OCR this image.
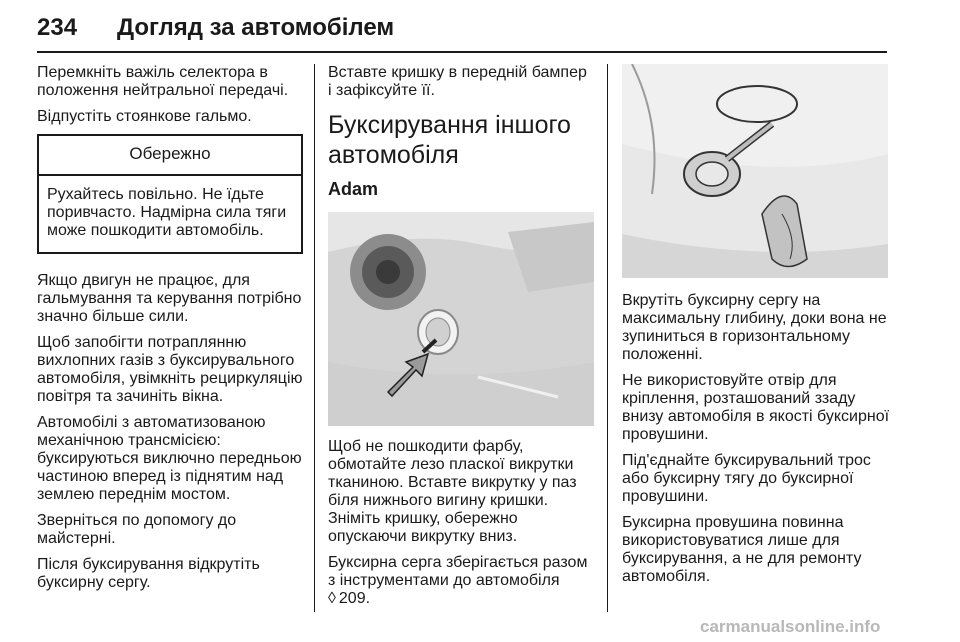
234 Догляд за автомобілем

Перемкніть важіль селектора в положення нейтральної передачі.

Відпустіть стоянкове гальмо.

Обережно
Рухайтесь повільно. Не їдьте поривчасто. Надмірна сила тяги може пошкодити автомобіль.

Якщо двигун не працює, для гальмування та керування потрібно значно більше сили.

Щоб запобігти потраплянню вихлопних газів з буксирувального автомобіля, увімкніть рециркуляцію повітря та зачиніть вікна.

Автомобілі з автоматизованою механічною трансмісією: буксируються виключно передньою частиною вперед із піднятим над землею переднім мостом.

Зверніться по допомогу до майстерні.

Після буксирування відкрутіть буксирну сергу.

Вставте кришку в передній бампер і зафіксуйте її.

Буксирування іншого автомобіля
Adam

Щоб не пошкодити фарбу, обмотайте лезо пласкої викрутки тканиною. Вставте викрутку у паз біля нижнього вигину кришки. Зніміть кришку, обережно опускаючи викрутку вниз.

Буксирна серга зберігається разом з інструментами до автомобіля
◊ 209.

Вкрутіть буксирну сергу на максимальну глибину, доки вона не зупиниться в горизонтальному положенні.

Не використовуйте отвір для кріплення, розташований ззаду внизу автомобіля в якості буксирної провушини.

Під'єднайте буксирувальний трос або буксирну тягу до буксирної провушини.

Буксирна провушина повинна використовуватися лише для буксирування, а не для ремонту автомобіля.

carmanualsonline.info
